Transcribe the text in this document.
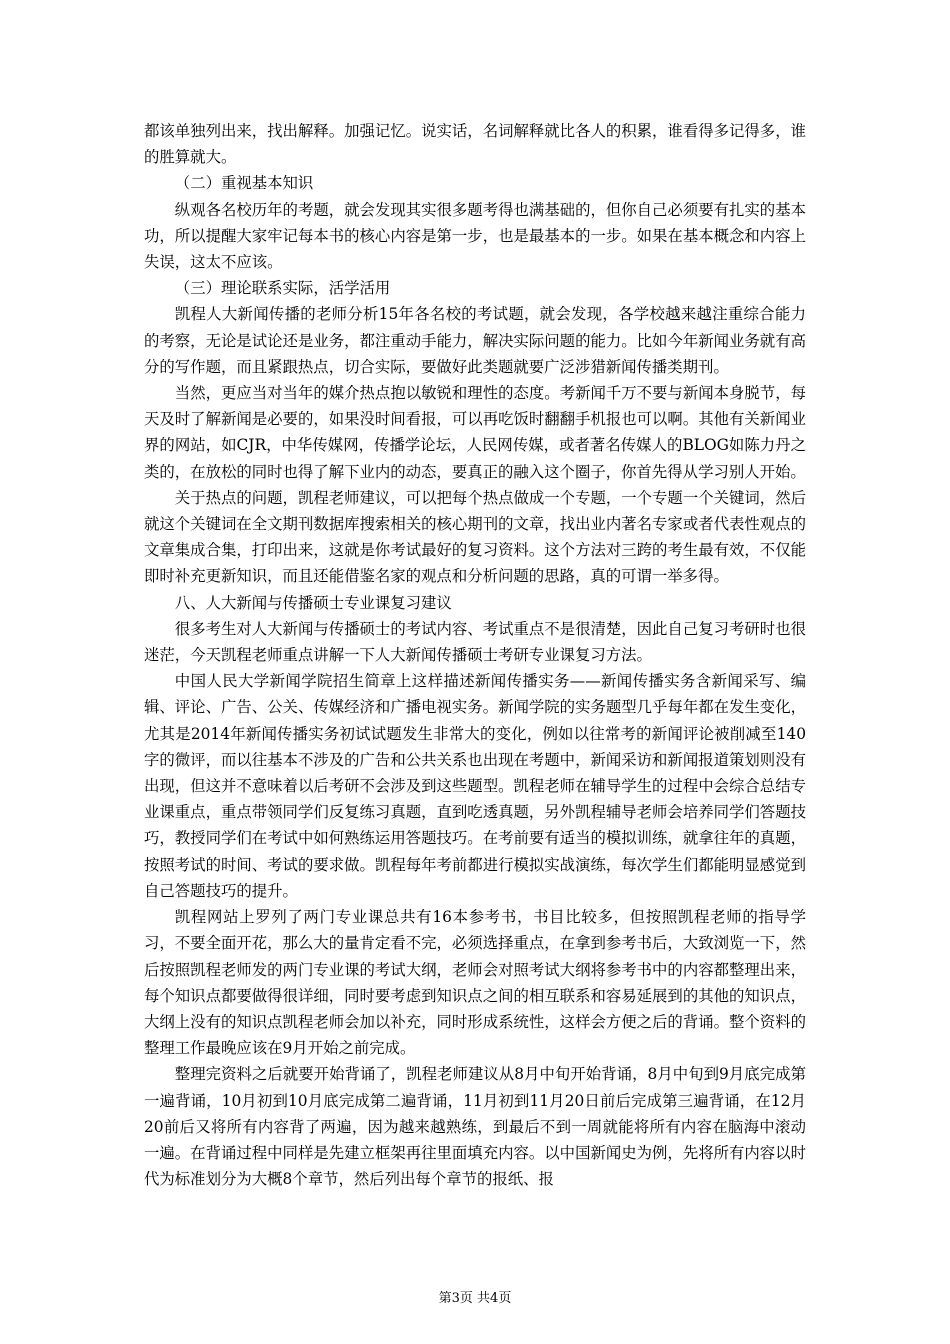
都该单独列出来，找出解释。加强记忆。说实话，名词解释就比各人的积累，谁看得多记得多，谁的胜算就大。

（二）重视基本知识

纵观各名校历年的考题，就会发现其实很多题考得也满基础的，但你自己必须要有扎实的基本功，所以提醒大家牢记每本书的核心内容是第一步，也是最基本的一步。如果在基本概念和内容上失误，这太不应该。

（三）理论联系实际，活学活用

凯程人大新闻传播的老师分析15年各名校的考试题，就会发现，各学校越来越注重综合能力的考察，无论是试论还是业务，都注重动手能力，解决实际问题的能力。比如今年新闻业务就有高分的写作题，而且紧跟热点，切合实际，要做好此类题就要广泛涉猎新闻传播类期刊。

当然，更应当对当年的媒介热点抱以敏锐和理性的态度。考新闻千万不要与新闻本身脱节，每天及时了解新闻是必要的，如果没时间看报，可以再吃饭时翻翻手机报也可以啊。其他有关新闻业界的网站，如CJR，中华传媒网，传播学论坛，人民网传媒，或者著名传媒人的BLOG如陈力丹之类的，在放松的同时也得了解下业内的动态，要真正的融入这个圈子，你首先得从学习别人开始。

关于热点的问题，凯程老师建议，可以把每个热点做成一个专题，一个专题一个关键词，然后就这个关键词在全文期刊数据库搜索相关的核心期刊的文章，找出业内著名专家或者代表性观点的文章集成合集，打印出来，这就是你考试最好的复习资料。这个方法对三跨的考生最有效，不仅能即时补充更新知识，而且还能借鉴名家的观点和分析问题的思路，真的可谓一举多得。

八、人大新闻与传播硕士专业课复习建议

很多考生对人大新闻与传播硕士的考试内容、考试重点不是很清楚，因此自己复习考研时也很迷茫，今天凯程老师重点讲解一下人大新闻传播硕士考研专业课复习方法。

中国人民大学新闻学院招生简章上这样描述新闻传播实务——新闻传播实务含新闻采写、编辑、评论、广告、公关、传媒经济和广播电视实务。新闻学院的实务题型几乎每年都在发生变化，尤其是2014年新闻传播实务初试试题发生非常大的变化，例如以往常考的新闻评论被削减至140字的微评，而以往基本不涉及的广告和公共关系也出现在考题中，新闻采访和新闻报道策划则没有出现，但这并不意味着以后考研不会涉及到这些题型。凯程老师在辅导学生的过程中会综合总结专业课重点，重点带领同学们反复练习真题，直到吃透真题，另外凯程辅导老师会培养同学们答题技巧，教授同学们在考试中如何熟练运用答题技巧。在考前要有适当的模拟训练，就拿往年的真题，按照考试的时间、考试的要求做。凯程每年考前都进行模拟实战演练，每次学生们都能明显感觉到自己答题技巧的提升。

凯程网站上罗列了两门专业课总共有16本参考书，书目比较多，但按照凯程老师的指导学习，不要全面开花，那么大的量肯定看不完，必须选择重点，在拿到参考书后，大致浏览一下，然后按照凯程老师发的两门专业课的考试大纲，老师会对照考试大纲将参考书中的内容都整理出来，每个知识点都要做得很详细，同时要考虑到知识点之间的相互联系和容易延展到的其他的知识点，大纲上没有的知识点凯程老师会加以补充，同时形成系统性，这样会方便之后的背诵。整个资料的整理工作最晚应该在9月开始之前完成。

整理完资料之后就要开始背诵了，凯程老师建议从8月中旬开始背诵，8月中旬到9月底完成第一遍背诵，10月初到10月底完成第二遍背诵，11月初到11月20日前后完成第三遍背诵，在12月20前后又将所有内容背了两遍，因为越来越熟练，到最后不到一周就能将所有内容在脑海中滚动一遍。在背诵过程中同样是先建立框架再往里面填充内容。以中国新闻史为例，先将所有内容以时代为标准划分为大概8个章节，然后列出每个章节的报纸、报

第3页 共4页
